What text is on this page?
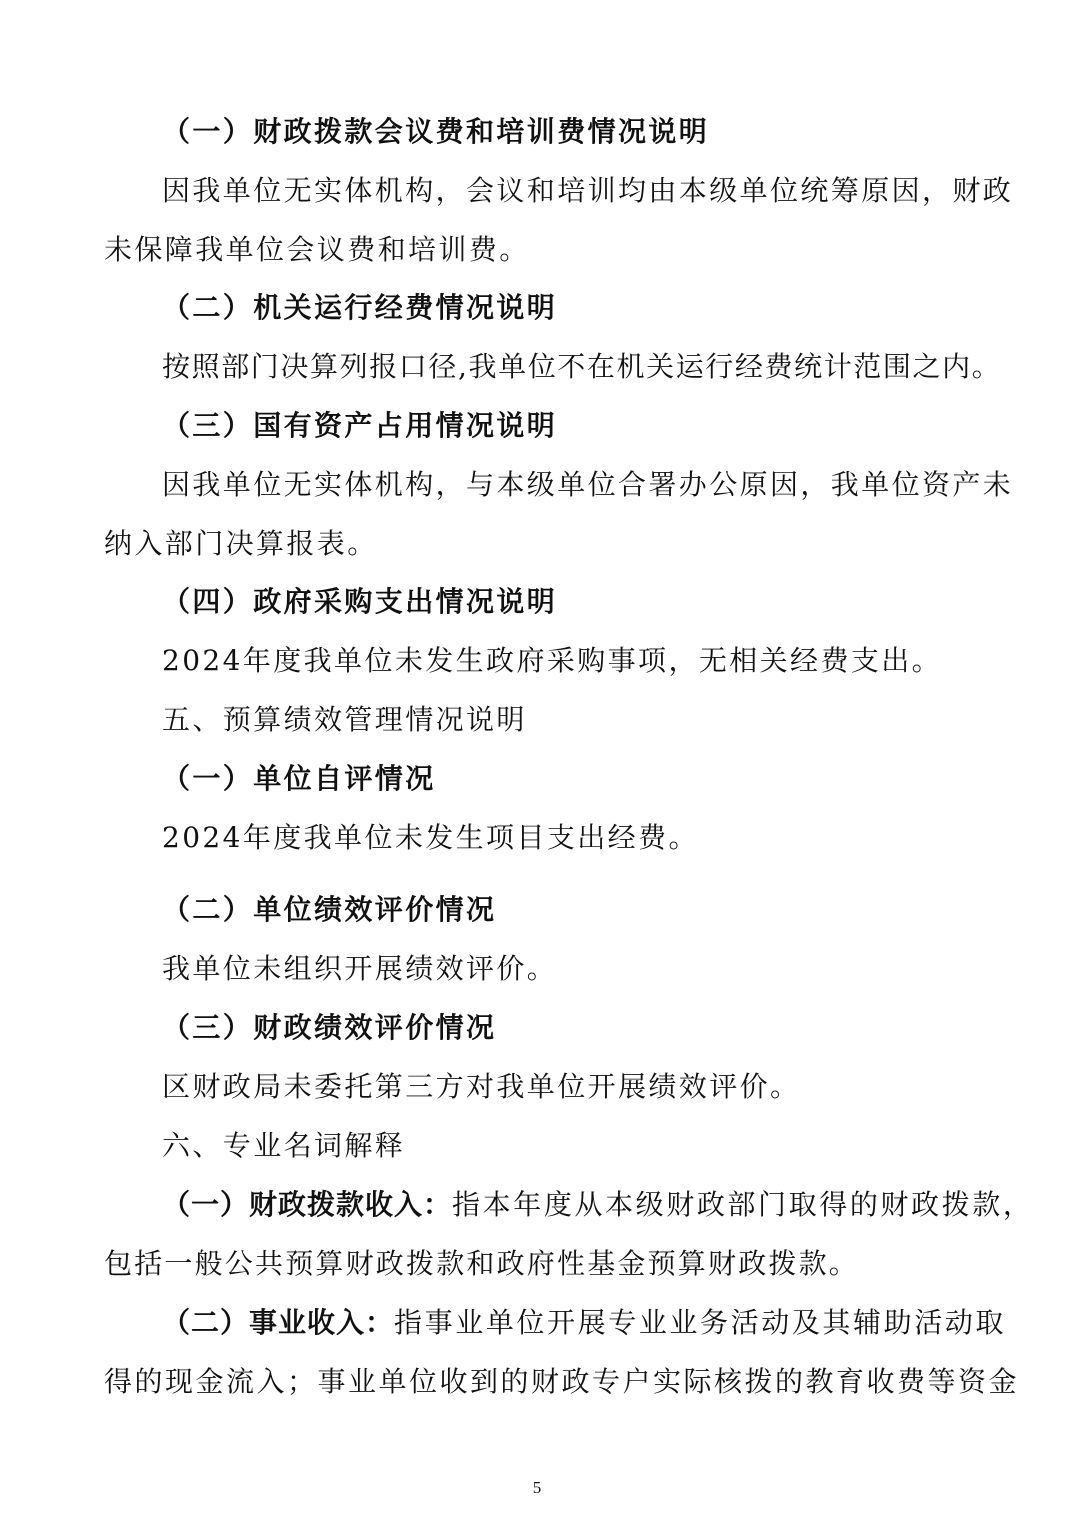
（一）财政拨款会议费和培训费情况说明
因我单位无实体机构，会议和培训均由本级单位统筹原因，财政
未保障我单位会议费和培训费。
（二）机关运行经费情况说明
按照部门决算列报口径,我单位不在机关运行经费统计范围之内。
（三）国有资产占用情况说明
因我单位无实体机构，与本级单位合署办公原因，我单位资产未
纳入部门决算报表。
（四）政府采购支出情况说明
2024年度我单位未发生政府采购事项，无相关经费支出。
五、预算绩效管理情况说明
（一）单位自评情况
2024年度我单位未发生项目支出经费。
（二）单位绩效评价情况
我单位未组织开展绩效评价。
（三）财政绩效评价情况
区财政局未委托第三方对我单位开展绩效评价。
六、专业名词解释
（一）财政拨款收入： 指本年度从本级财政部门取得的财政拨款，
包括一般公共预算财政拨款和政府性基金预算财政拨款。
（二）事业收入： 指事业单位开展专业业务活动及其辅助活动取
得的现金流入；事业单位收到的财政专户实际核拨的教育收费等资金
5
